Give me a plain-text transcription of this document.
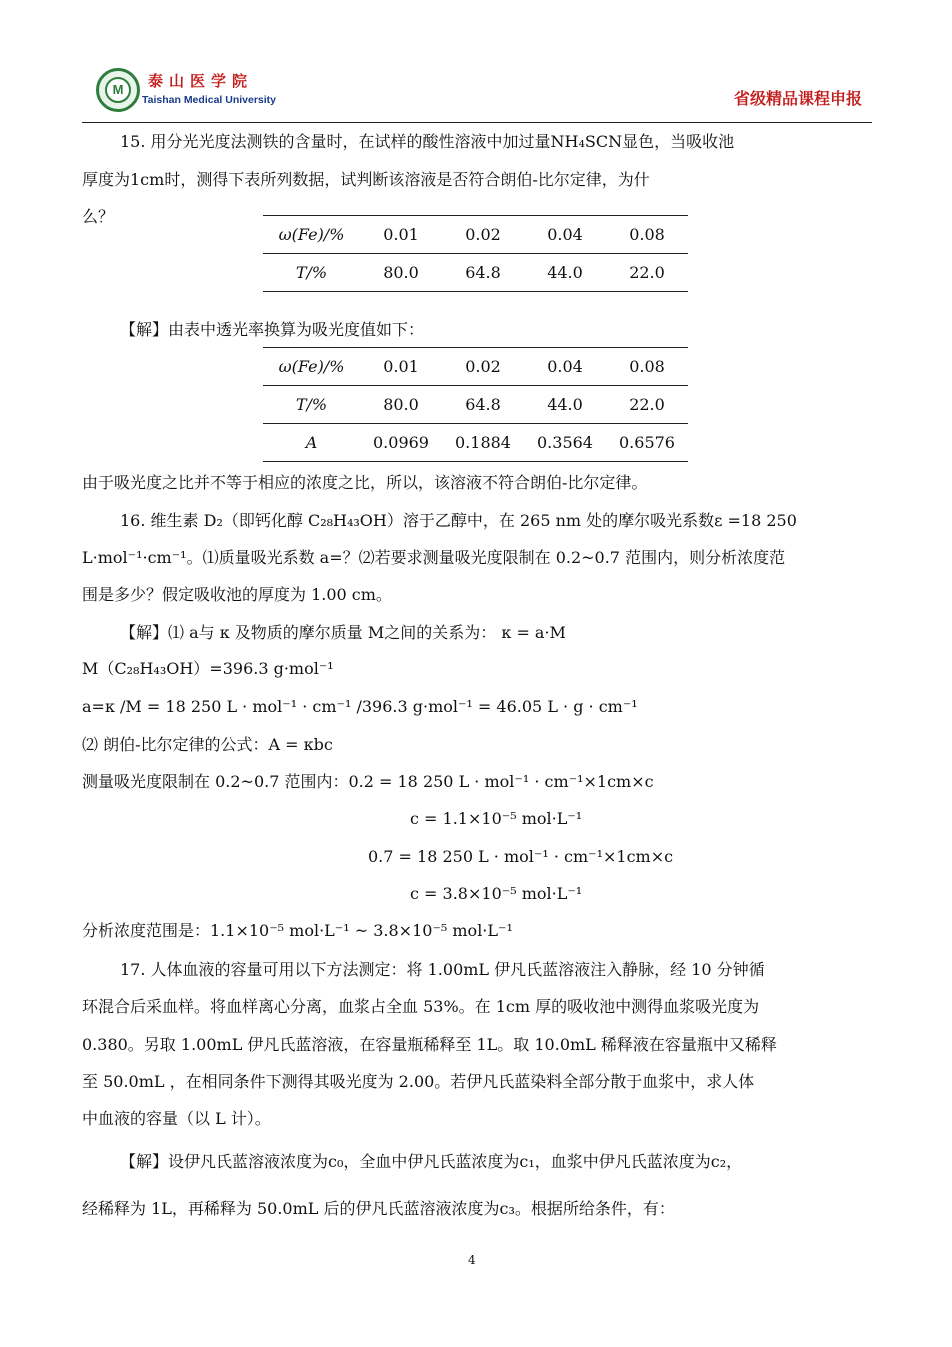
M	泰山医学院
Taishan Medical University	省级精品课程申报
15. 用分光光度法测铁的含量时，在试样的酸性溶液中加过量NH₄SCN显色，当吸收池
厚度为1cm时，测得下表所列数据，试判断该溶液是否符合朗伯-比尔定律，为什
么？
ω(Fe)/%	0.01	0.02	0.04	0.08
T/%	80.0	64.8	44.0	22.0
【解】由表中透光率换算为吸光度值如下：
ω(Fe)/%	0.01	0.02	0.04	0.08
T/%	80.0	64.8	44.0	22.0
A	0.0969	0.1884	0.3564	0.6576
由于吸光度之比并不等于相应的浓度之比，所以，该溶液不符合朗伯-比尔定律。
16. 维生素 D₂（即钙化醇 C₂₈H₄₃OH）溶于乙醇中，在 265 nm 处的摩尔吸光系数ε =18 250
L·mol⁻¹·cm⁻¹。⑴质量吸光系数 a=？⑵若要求测量吸光度限制在 0.2~0.7 范围内，则分析浓度范
围是多少？假定吸收池的厚度为 1.00 cm。
【解】⑴ a与 κ 及物质的摩尔质量 M之间的关系为： κ = a·M
M（C₂₈H₄₃OH）=396.3 g·mol⁻¹
a=κ /M = 18 250 L · mol⁻¹ · cm⁻¹ /396.3 g·mol⁻¹ = 46.05 L · g · cm⁻¹
⑵ 朗伯-比尔定律的公式：A = κbc
测量吸光度限制在 0.2~0.7 范围内：0.2 = 18 250 L · mol⁻¹ · cm⁻¹×1cm×c
c = 1.1×10⁻⁵ mol·L⁻¹
0.7 = 18 250 L · mol⁻¹ · cm⁻¹×1cm×c
c = 3.8×10⁻⁵ mol·L⁻¹
分析浓度范围是：1.1×10⁻⁵ mol·L⁻¹ ~ 3.8×10⁻⁵ mol·L⁻¹
17. 人体血液的容量可用以下方法测定：将 1.00mL 伊凡氏蓝溶液注入静脉，经 10 分钟循
环混合后采血样。将血样离心分离，血浆占全血 53%。在 1cm 厚的吸收池中测得血浆吸光度为
0.380。另取 1.00mL 伊凡氏蓝溶液，在容量瓶稀释至 1L。取 10.0mL 稀释液在容量瓶中又稀释
至 50.0mL ，在相同条件下测得其吸光度为 2.00。若伊凡氏蓝染料全部分散于血浆中，求人体
中血液的容量（以 L 计）。
【解】设伊凡氏蓝溶液浓度为c₀，全血中伊凡氏蓝浓度为c₁，血浆中伊凡氏蓝浓度为c₂，
经稀释为 1L，再稀释为 50.0mL 后的伊凡氏蓝溶液浓度为c₃。根据所给条件，有：
4
